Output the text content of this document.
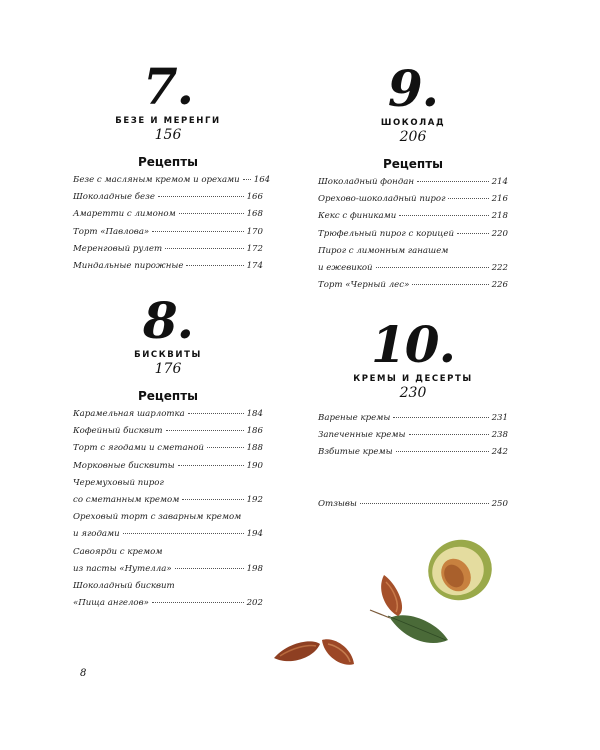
7.
БЕЗЕ И МЕРЕНГИ
156
Рецепты
Безе с масляным кремом и орехами 164
Шоколадные безе	166
Амаретти с лимоном	168
Торт «Павлова»	170
Меренговый рулет	172
Миндальные пирожные	174
8.
БИСКВИТЫ
176
Рецепты
Карамельная шарлотка	184
Кофейный бисквит	186
Торт с ягодами и сметаной	188
Морковные бисквиты	190
Черемуховый пирог
со сметанным кремом	192
Ореховый торт с заварным кремом
и ягодами	194
Савоярди с кремом
из пасты «Нутелла»	198
Шоколадный бисквит
«Пища ангелов»	202
9.
ШОКОЛАД
206
Рецепты
Шоколадный фондан	214
Орехово-шоколадный пирог	216
Кекс с финиками	218
Трюфельный пирог с корицей	220
Пирог с лимонным ганашем
и ежевикой	222
Торт «Черный лес»	226
10.
КРЕМЫ И ДЕСЕРТЫ
230
Вареные кремы	231
Запеченные кремы	238
Взбитые кремы	242
Отзывы	250
8
